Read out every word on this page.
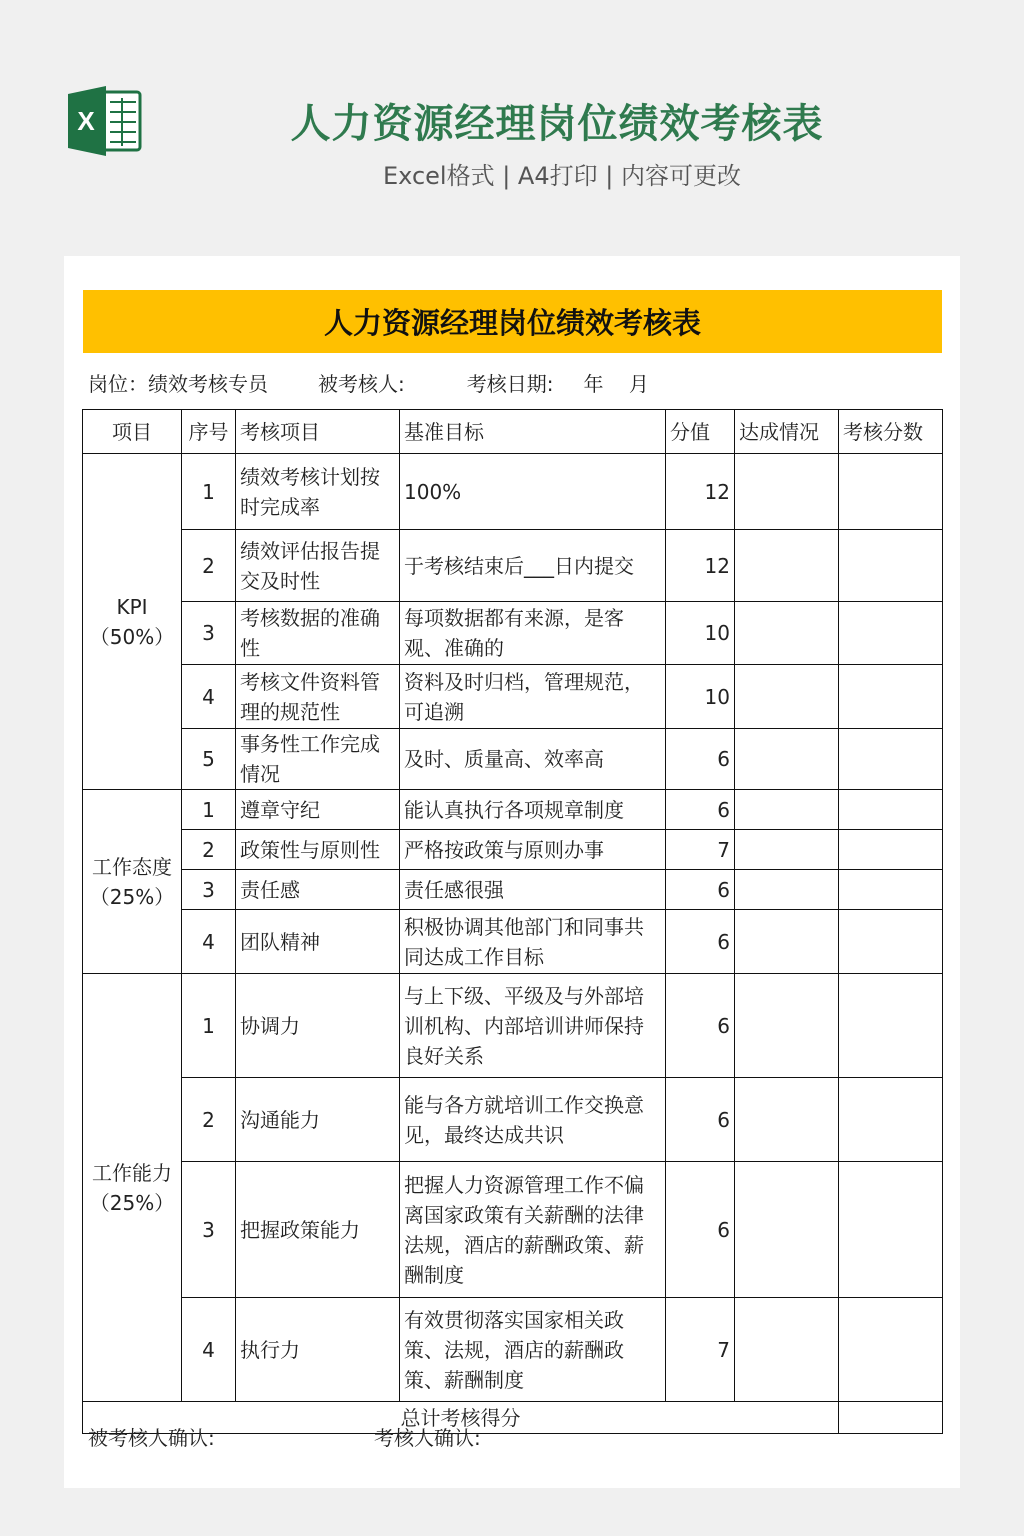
X	人力资源经理岗位绩效考核表
Excel格式 | A4打印 | 内容可更改
人力资源经理岗位绩效考核表
岗位：绩效考核专员	被考核人:	考核日期: 年    月
项目	序号	考核项目	基准目标	分值	达成情况	考核分数
KPI（50%）	1	绩效考核计划按时完成率	100%	12		
	2	绩效评估报告提交及时性	于考核结束后___日内提交	12		
	3	考核数据的准确性	每项数据都有来源，是客观、准确的	10		
	4	考核文件资料管理的规范性	资料及时归档，管理规范，可追溯	10		
	5	事务性工作完成情况	及时、质量高、效率高	6		
工作态度（25%）	1	遵章守纪	能认真执行各项规章制度	6		
	2	政策性与原则性	严格按政策与原则办事	7		
	3	责任感	责任感很强	6		
	4	团队精神	积极协调其他部门和同事共同达成工作目标	6		
工作能力（25%）	1	协调力	与上下级、平级及与外部培训机构、内部培训讲师保持良好关系	6		
	2	沟通能力	能与各方就培训工作交换意见，最终达成共识	6		
	3	把握政策能力	把握人力资源管理工作不偏离国家政策有关薪酬的法律法规，酒店的薪酬政策、薪酬制度	6		
	4	执行力	有效贯彻落实国家相关政策、法规，酒店的薪酬政策、薪酬制度	7		
总计考核得分						
被考核人确认:	考核人确认:
